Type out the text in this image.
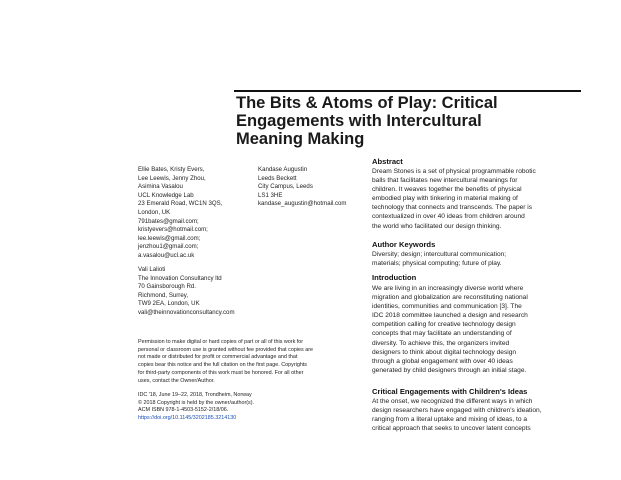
The Bits & Atoms of Play: Critical
Engagements with Intercultural
Meaning Making
Ellie Bates, Kristy Evers,
Lee Leewis, Jenny Zhou,
Asimina Vasalou
UCL Knowledge Lab
23 Emerald Road, WC1N 3QS,
London, UK
791bates@gmail.com;
kristyevers@hotmail.com;
lee.leewis@gmail.com;
jenzhou1@gmail.com;
a.vasalou@ucl.ac.uk
Kandase Augustin
Leeds Beckett
City Campus, Leeds
LS1 3HE
kandase_augustin@hotmail.com
Vali Lalioti
The Innovation Consultancy ltd
70 Gainsborough Rd.
Richmond, Surrey,
TW9 2EA, London, UK
vali@theinnovationconsultancy.com
Permission to make digital or hard copies of part or all of this work for
personal or classroom use is granted without fee provided that copies are
not made or distributed for profit or commercial advantage and that
copies bear this notice and the full citation on the first page. Copyrights
for third-party components of this work must be honored. For all other
uses, contact the Owner/Author.
IDC '18, June 19–22, 2018, Trondheim, Norway
© 2018 Copyright is held by the owner/author(s).
ACM ISBN 978-1-4503-5152-2/18/06.
https://doi.org/10.1145/3202185.3214130
Abstract
Dream Stones is a set of physical programmable robotic
balls that facilitates new intercultural meanings for
children. It weaves together the benefits of physical
embodied play with tinkering in material making of
technology that connects and transcends. The paper is
contextualized in over 40 ideas from children around
the world who facilitated our design thinking.
Author Keywords
Diversity; design; intercultural communication;
materials; physical computing; future of play.
Introduction
We are living in an increasingly diverse world where
migration and globalization are reconstituting national
identities, communities and communication [3]. The
IDC 2018 committee launched a design and research
competition calling for creative technology design
concepts that may facilitate an understanding of
diversity. To achieve this, the organizers invited
designers to think about digital technology design
through a global engagement with over 40 ideas
generated by child designers through an initial stage.
Critical Engagements with Children's Ideas
At the onset, we recognized the different ways in which
design researchers have engaged with children's ideation,
ranging from a literal uptake and mixing of ideas, to a
critical approach that seeks to uncover latent concepts
